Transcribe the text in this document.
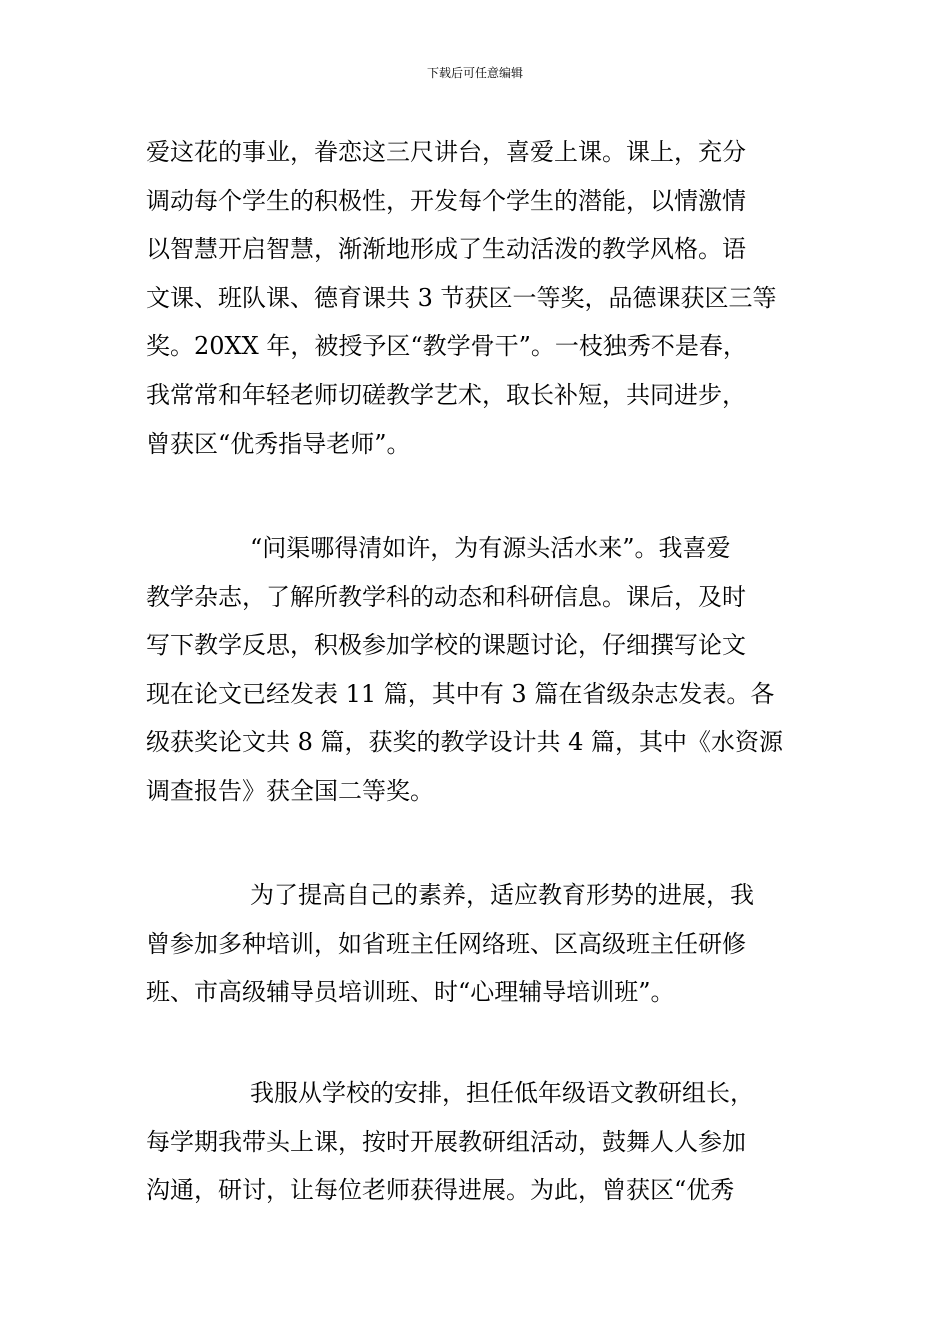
下载后可任意编辑
爱这花的事业，眷恋这三尺讲台，喜爱上课。课上，充分
调动每个学生的积极性，开发每个学生的潜能，以情激情
以智慧开启智慧，渐渐地形成了生动活泼的教学风格。语
文课、班队课、德育课共 3 节获区一等奖，品德课获区三等
奖。20XX 年，被授予区“教学骨干”。一枝独秀不是春，
我常常和年轻老师切磋教学艺术，取长补短，共同进步，
曾获区“优秀指导老师”。
“问渠哪得清如许，为有源头活水来”。我喜爱
教学杂志，了解所教学科的动态和科研信息。课后，及时
写下教学反思，积极参加学校的课题讨论，仔细撰写论文
现在论文已经发表 11 篇，其中有 3 篇在省级杂志发表。各
级获奖论文共 8 篇，获奖的教学设计共 4 篇，其中《水资源
调查报告》获全国二等奖。
为了提高自己的素养，适应教育形势的进展，我
曾参加多种培训，如省班主任网络班、区高级班主任研修
班、市高级辅导员培训班、时“心理辅导培训班”。
我服从学校的安排，担任低年级语文教研组长，
每学期我带头上课，按时开展教研组活动，鼓舞人人参加
沟通，研讨，让每位老师获得进展。为此，曾获区“优秀
